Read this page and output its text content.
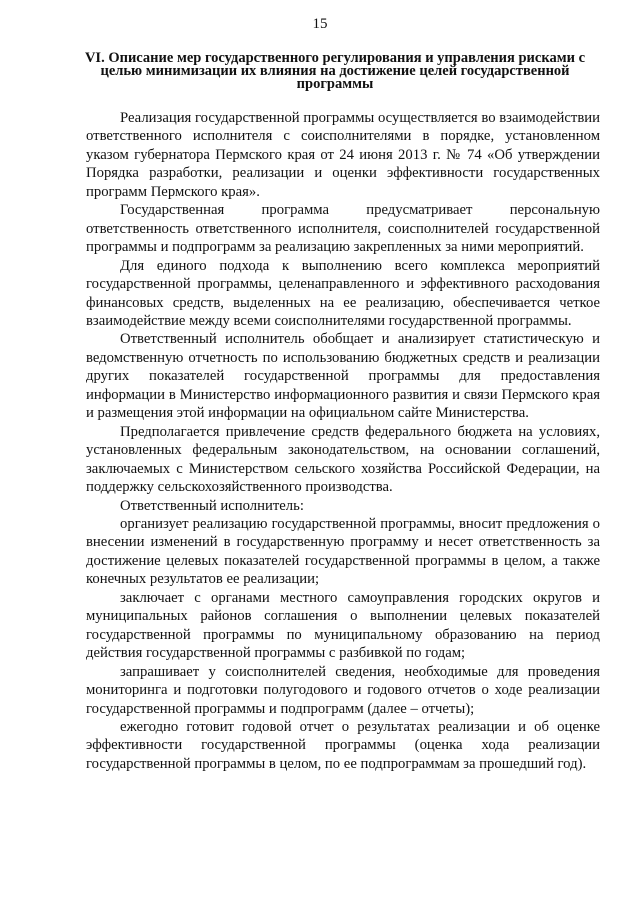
15
VI. Описание мер государственного регулирования и управления рисками с целью минимизации их влияния на достижение целей государственной программы

Реализация государственной программы осуществляется во взаимодействии ответственного исполнителя с соисполнителями в порядке, установленном указом губернатора Пермского края от 24 июня 2013 г. № 74 «Об утверждении Порядка разработки, реализации и оценки эффективности государственных программ Пермского края».

Государственная программа предусматривает персональную ответственность ответственного исполнителя, соисполнителей государственной программы и подпрограмм за реализацию закрепленных за ними мероприятий.

Для единого подхода к выполнению всего комплекса мероприятий государственной программы, целенаправленного и эффективного расходования финансовых средств, выделенных на ее реализацию, обеспечивается четкое взаимодействие между всеми соисполнителями государственной программы.

Ответственный исполнитель обобщает и анализирует статистическую и ведомственную отчетность по использованию бюджетных средств и реализации других показателей государственной программы для предоставления информации в Министерство информационного развития и связи Пермского края и размещения этой информации на официальном сайте Министерства.

Предполагается привлечение средств федерального бюджета на условиях, установленных федеральным законодательством, на основании соглашений, заключаемых с Министерством сельского хозяйства Российской Федерации, на поддержку сельскохозяйственного производства.

Ответственный исполнитель:

организует реализацию государственной программы, вносит предложения о внесении изменений в государственную программу и несет ответственность за достижение целевых показателей государственной программы в целом, а также конечных результатов ее реализации;

заключает с органами местного самоуправления городских округов и муниципальных районов соглашения о выполнении целевых показателей государственной программы по муниципальному образованию на период действия государственной программы с разбивкой по годам;

запрашивает у соисполнителей сведения, необходимые для проведения мониторинга и подготовки полугодового и годового отчетов о ходе реализации государственной программы и подпрограмм (далее – отчеты);

ежегодно готовит годовой отчет о результатах реализации и об оценке эффективности государственной программы (оценка хода реализации государственной программы в целом, по ее подпрограммам за прошедший год).
